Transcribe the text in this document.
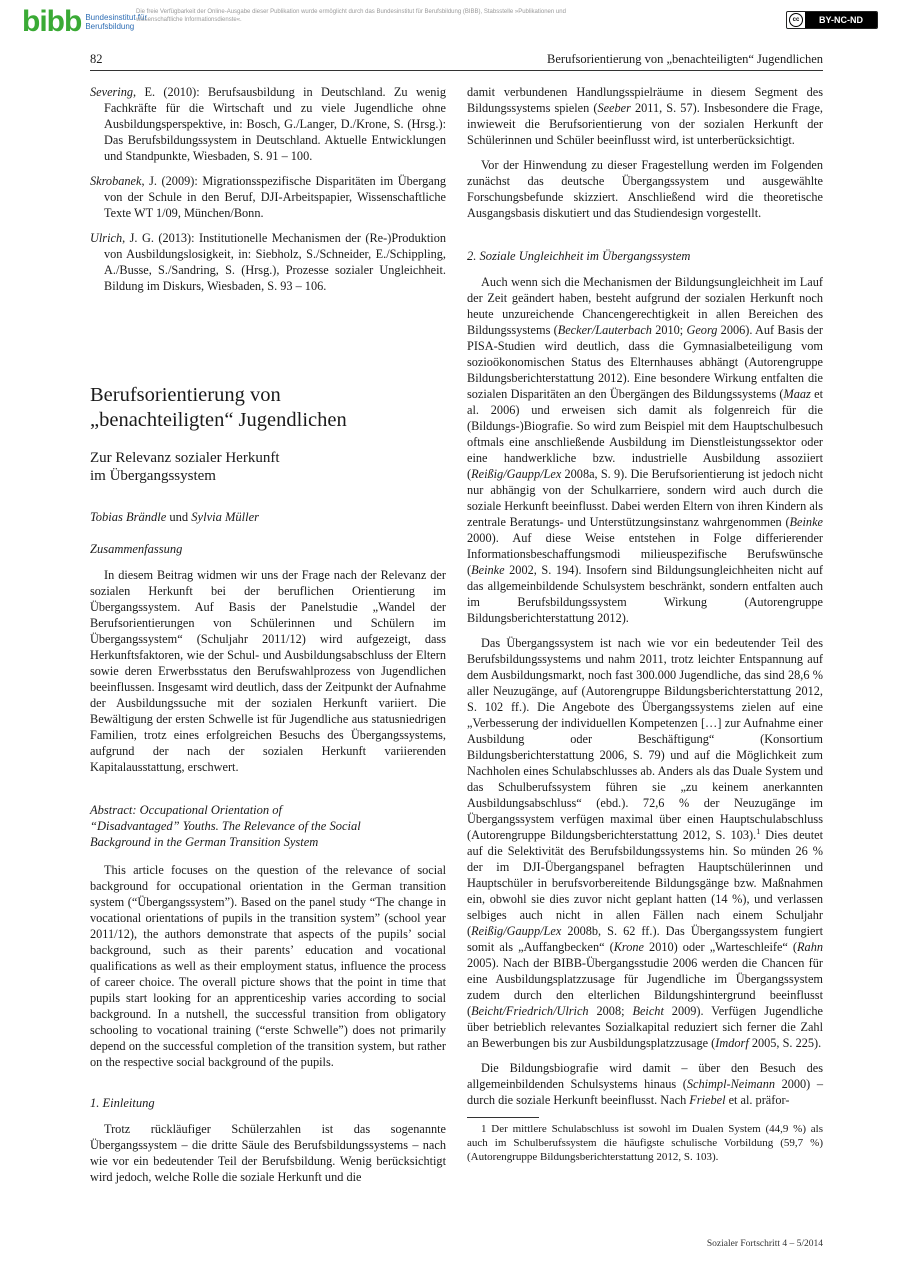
bibb Bundesinstitut für
Berufsbildung
Die freie Verfügbarkeit der Online-Ausgabe dieser Publikation wurde ermöglicht durch das Bundesinstitut für Berufsbildung (BIBB), Stabsstelle »Publikationen und wissenschaftliche Informationsdienste«.	cc	BY-NC-ND
82	Berufsorientierung von „benachteiligten“ Jugendlichen

Severing, E. (2010): Berufsausbildung in Deutschland. Zu wenig Fachkräfte für die Wirtschaft und zu viele Jugendliche ohne Ausbildungsperspektive, in: Bosch, G./Langer, D./Krone, S. (Hrsg.): Das Berufsbildungssystem in Deutschland. Aktuelle Entwicklungen und Standpunkte, Wiesbaden, S. 91 – 100.

Skrobanek, J. (2009): Migrationsspezifische Disparitäten im Übergang von der Schule in den Beruf, DJI-Arbeitspapier, Wissenschaftliche Texte WT 1/09, München/Bonn.

Ulrich, J. G. (2013): Institutionelle Mechanismen der (Re-)Produktion von Ausbildungslosigkeit, in: Siebholz, S./Schneider, E./Schippling, A./Busse, S./Sandring, S. (Hrsg.), Prozesse sozialer Ungleichheit. Bildung im Diskurs, Wiesbaden, S. 93 – 106.

Berufsorientierung von
„benachteiligten“ Jugendlichen
Zur Relevanz sozialer Herkunft
im Übergangssystem

Tobias Brändle und Sylvia Müller

Zusammenfassung

In diesem Beitrag widmen wir uns der Frage nach der Relevanz der sozialen Herkunft bei der beruflichen Orientierung im Übergangssystem. Auf Basis der Panelstudie „Wandel der Berufsorientierungen von Schülerinnen und Schülern im Übergangssystem“ (Schuljahr 2011/12) wird aufgezeigt, dass Herkunftsfaktoren, wie der Schul- und Ausbildungsabschluss der Eltern sowie deren Erwerbsstatus den Berufswahlprozess von Jugendlichen beeinflussen. Insgesamt wird deutlich, dass der Zeitpunkt der Aufnahme der Ausbildungssuche mit der sozialen Herkunft variiert. Die Bewältigung der ersten Schwelle ist für Jugendliche aus statusniedrigen Familien, trotz eines erfolgreichen Besuchs des Übergangssystems, aufgrund der nach der sozialen Herkunft variierenden Kapitalausstattung, erschwert.

Abstract: Occupational Orientation of
“Disadvantaged” Youths. The Relevance of the Social
Background in the German Transition System

This article focuses on the question of the relevance of social background for occupational orientation in the German transition system (“Übergangssystem”). Based on the panel study “The change in vocational orientations of pupils in the transition system” (school year 2011/12), the authors demonstrate that aspects of the pupils’ social background, such as their parents’ education and vocational qualifications as well as their employment status, influence the process of career choice. The overall picture shows that the point in time that pupils start looking for an apprenticeship varies according to social background. In a nutshell, the successful transition from obligatory schooling to vocational training (“erste Schwelle”) does not primarily depend on the successful completion of the transition system, but rather on the respective social background of the pupils.

1. Einleitung

Trotz rückläufiger Schülerzahlen ist das sogenannte Übergangssystem – die dritte Säule des Berufsbildungssystems – nach wie vor ein bedeutender Teil der Berufsbildung. Wenig berücksichtigt wird jedoch, welche Rolle die soziale Herkunft und die

damit verbundenen Handlungsspielräume in diesem Segment des Bildungssystems spielen (Seeber 2011, S. 57). Insbesondere die Frage, inwieweit die Berufsorientierung von der sozialen Herkunft der Schülerinnen und Schüler beeinflusst wird, ist unterberücksichtigt.

Vor der Hinwendung zu dieser Fragestellung werden im Folgenden zunächst das deutsche Übergangssystem und ausgewählte Forschungsbefunde skizziert. Anschließend wird die theoretische Ausgangsbasis diskutiert und das Studiendesign vorgestellt.

2. Soziale Ungleichheit im Übergangssystem

Auch wenn sich die Mechanismen der Bildungsungleichheit im Lauf der Zeit geändert haben, besteht aufgrund der sozialen Herkunft noch heute unzureichende Chancengerechtigkeit in allen Bereichen des Bildungssystems (Becker/Lauterbach 2010; Georg 2006). Auf Basis der PISA-Studien wird deutlich, dass die Gymnasialbeteiligung vom sozioökonomischen Status des Elternhauses abhängt (Autorengruppe Bildungsberichterstattung 2012). Eine besondere Wirkung entfalten die sozialen Disparitäten an den Übergängen des Bildungssystems (Maaz et al. 2006) und erweisen sich damit als folgenreich für die (Bildungs-)Biografie. So wird zum Beispiel mit dem Hauptschulbesuch oftmals eine anschließende Ausbildung im Dienstleistungssektor oder eine handwerkliche bzw. industrielle Ausbildung assoziiert (Reißig/Gaupp/Lex 2008a, S. 9). Die Berufsorientierung ist jedoch nicht nur abhängig von der Schulkarriere, sondern wird auch durch die soziale Herkunft beeinflusst. Dabei werden Eltern von ihren Kindern als zentrale Beratungs- und Unterstützungsinstanz wahrgenommen (Beinke 2000). Auf diese Weise entstehen in Folge differierender Informationsbeschaffungsmodi milieuspezifische Berufswünsche (Beinke 2002, S. 194). Insofern sind Bildungsungleichheiten nicht auf das allgemeinbildende Schulsystem beschränkt, sondern entfalten auch im Berufsbildungssystem Wirkung (Autorengruppe Bildungsberichterstattung 2012).

Das Übergangssystem ist nach wie vor ein bedeutender Teil des Berufsbildungssystems und nahm 2011, trotz leichter Entspannung auf dem Ausbildungsmarkt, noch fast 300.000 Jugendliche, das sind 28,6 % aller Neuzugänge, auf (Autorengruppe Bildungsberichterstattung 2012, S. 102 ff.). Die Angebote des Übergangssystems zielen auf eine „Verbesserung der individuellen Kompetenzen […] zur Aufnahme einer Ausbildung oder Beschäftigung“ (Konsortium Bildungsberichterstattung 2006, S. 79) und auf die Möglichkeit zum Nachholen eines Schulabschlusses ab. Anders als das Duale System und das Schulberufssystem führen sie „zu keinem anerkannten Ausbildungsabschluss“ (ebd.). 72,6 % der Neuzugänge im Übergangssystem verfügen maximal über einen Hauptschulabschluss (Autorengruppe Bildungsberichterstattung 2012, S. 103).$^1$ Dies deutet auf die Selektivität des Berufsbildungssystems hin. So münden 26 % der im DJI-Übergangspanel befragten Hauptschülerinnen und Hauptschüler in berufsvorbereitende Bildungsgänge bzw. Maßnahmen ein, obwohl sie dies zuvor nicht geplant hatten (14 %), und verlassen selbiges auch nicht in allen Fällen nach einem Schuljahr (Reißig/Gaupp/Lex 2008b, S. 62 ff.). Das Übergangssystem fungiert somit als „Auffangbecken“ (Krone 2010) oder „Warteschleife“ (Rahn 2005). Nach der BIBB-Übergangsstudie 2006 werden die Chancen für eine Ausbildungsplatzzusage für Jugendliche im Übergangssystem zudem durch den elterlichen Bildungshintergrund beeinflusst (Beicht/Friedrich/Ulrich 2008; Beicht 2009). Verfügen Jugendliche über betrieblich relevantes Sozialkapital reduziert sich ferner die Zahl an Bewerbungen bis zur Ausbildungsplatzzusage (Imdorf 2005, S. 225).

Die Bildungsbiografie wird damit – über den Besuch des allgemeinbildenden Schulsystems hinaus (Schimpl-Neimann 2000) – durch die soziale Herkunft beeinflusst. Nach Friebel et al. präfor-

1 Der mittlere Schulabschluss ist sowohl im Dualen System (44,9 %) als auch im Schulberufssystem die häufigste schulische Vorbildung (59,7 %) (Autorengruppe Bildungsberichterstattung 2012, S. 103).

Sozialer Fortschritt 4 – 5/2014
